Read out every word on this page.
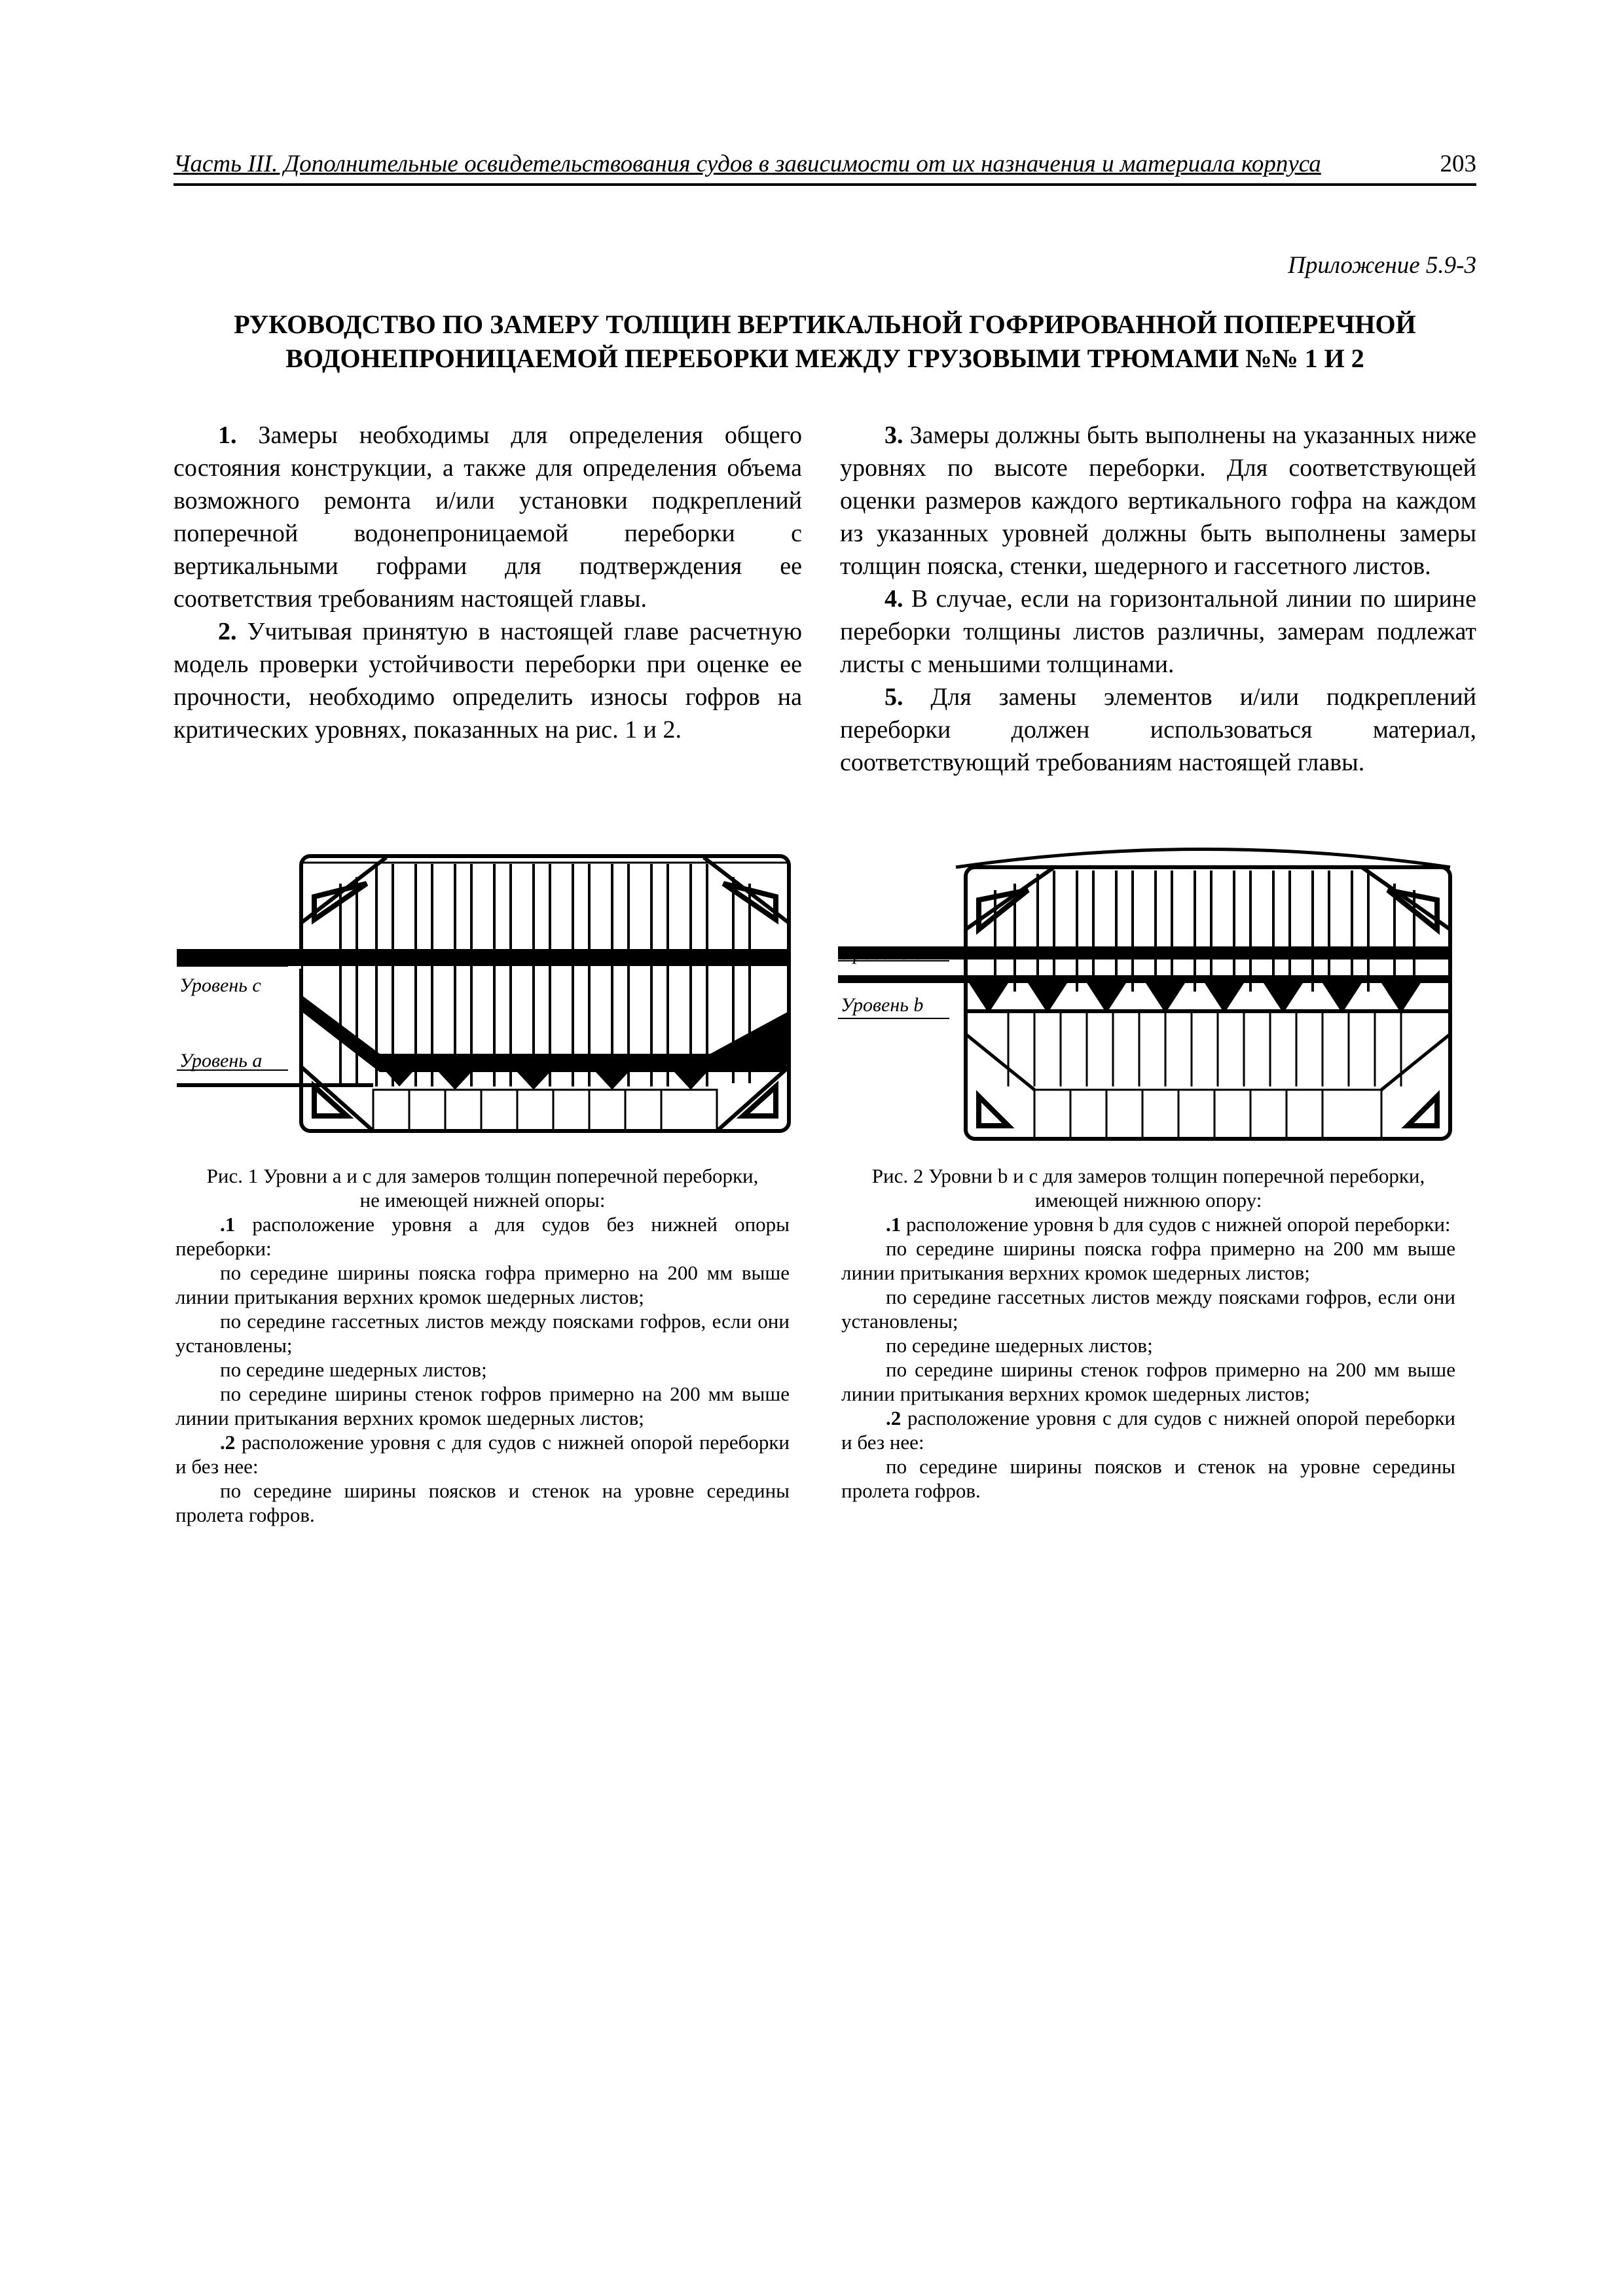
Часть III. Дополнительные освидетельствования судов в зависимости от их назначения и материала корпуса	203
Приложение 5.9-3
РУКОВОДСТВО ПО ЗАМЕРУ ТОЛЩИН ВЕРТИКАЛЬНОЙ ГОФРИРОВАННОЙ ПОПЕРЕЧНОЙ
ВОДОНЕПРОНИЦАЕМОЙ ПЕРЕБОРКИ МЕЖДУ ГРУЗОВЫМИ ТРЮМАМИ №№ 1 И 2

1. Замеры необходимы для определения общего состояния конструкции, а также для определения объема возможного ремонта и/или установки подкреплений поперечной водонепроницаемой переборки с вертикальными гофрами для подтверждения ее соответствия требованиям настоящей главы.

2. Учитывая принятую в настоящей главе расчетную модель проверки устойчивости переборки при оценке ее прочности, необходимо определить износы гофров на критических уровнях, показанных на рис. 1 и 2.

3. Замеры должны быть выполнены на указанных ниже уровнях по высоте переборки. Для соответствующей оценки размеров каждого вертикального гофра на каждом из указанных уровней должны быть выполнены замеры толщин пояска, стенки, шедерного и гассетного листов.

4. В случае, если на горизонтальной линии по ширине переборки толщины листов различны, замерам подлежат листы с меньшими толщинами.

5. Для замены элементов и/или подкреплений переборки должен использоваться материал, соответствующий требованиям настоящей главы.

Уровень c
Уровень a
Уровень c
Уровень b
Рис. 1 Уровни a и c для замеров толщин поперечной переборки,
не имеющей нижней опоры:

.1 расположение уровня a для судов без нижней опоры переборки:

по середине ширины пояска гофра примерно на 200 мм выше линии притыкания верхних кромок шедерных листов;

по середине гассетных листов между поясками гофров, если они установлены;

по середине шедерных листов;

по середине ширины стенок гофров примерно на 200 мм выше линии притыкания верхних кромок шедерных листов;

.2 расположение уровня c для судов с нижней опорой переборки и без нее:

по середине ширины поясков и стенок на уровне середины пролета гофров.

Рис. 2 Уровни b и c для замеров толщин поперечной переборки,
имеющей нижнюю опору:

.1 расположение уровня b для судов с нижней опорой переборки:

по середине ширины пояска гофра примерно на 200 мм выше линии притыкания верхних кромок шедерных листов;

по середине гассетных листов между поясками гофров, если они установлены;

по середине шедерных листов;

по середине ширины стенок гофров примерно на 200 мм выше линии притыкания верхних кромок шедерных листов;

.2 расположение уровня c для судов с нижней опорой переборки и без нее:

по середине ширины поясков и стенок на уровне середины пролета гофров.
